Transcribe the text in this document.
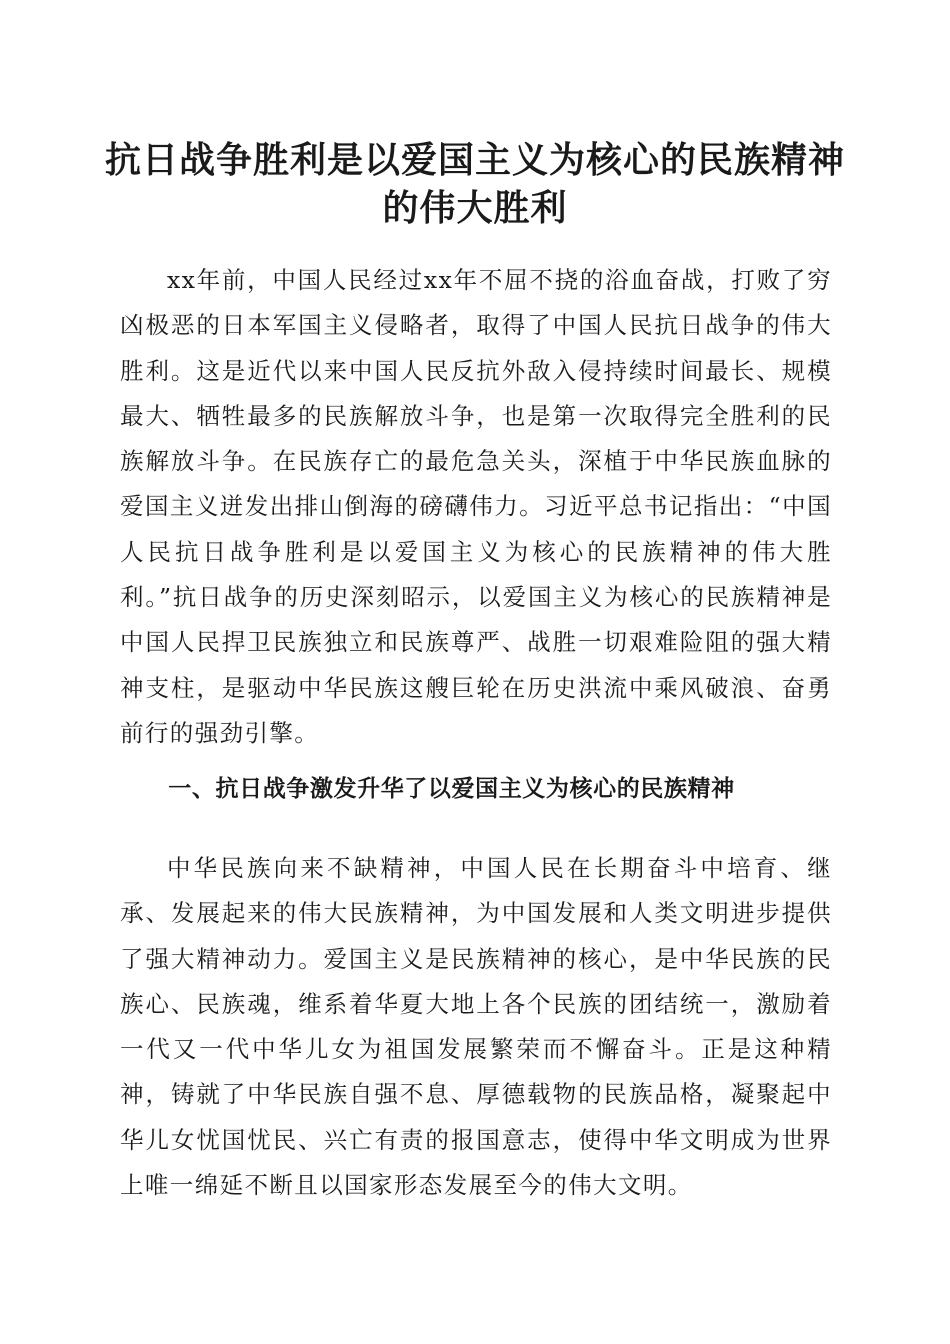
抗日战争胜利是以爱国主义为核心的民族精神
的伟大胜利

xx年前，中国人民经过xx年不屈不挠的浴血奋战，打败了穷凶极恶的日本军国主义侵略者，取得了中国人民抗日战争的伟大胜利。这是近代以来中国人民反抗外敌入侵持续时间最长、规模最大、牺牲最多的民族解放斗争，也是第一次取得完全胜利的民族解放斗争。在民族存亡的最危急关头，深植于中华民族血脉的爱国主义迸发出排山倒海的磅礴伟力。习近平总书记指出：“中国人民抗日战争胜利是以爱国主义为核心的民族精神的伟大胜利。”抗日战争的历史深刻昭示，以爱国主义为核心的民族精神是中国人民捍卫民族独立和民族尊严、战胜一切艰难险阻的强大精神支柱，是驱动中华民族这艘巨轮在历史洪流中乘风破浪、奋勇前行的强劲引擎。

一、抗日战争激发升华了以爱国主义为核心的民族精神

中华民族向来不缺精神，中国人民在长期奋斗中培育、继承、发展起来的伟大民族精神，为中国发展和人类文明进步提供了强大精神动力。爱国主义是民族精神的核心，是中华民族的民族心、民族魂，维系着华夏大地上各个民族的团结统一，激励着一代又一代中华儿女为祖国发展繁荣而不懈奋斗。正是这种精神，铸就了中华民族自强不息、厚德载物的民族品格，凝聚起中华儿女忧国忧民、兴亡有责的报国意志，使得中华文明成为世界上唯一绵延不断且以国家形态发展至今的伟大文明。
